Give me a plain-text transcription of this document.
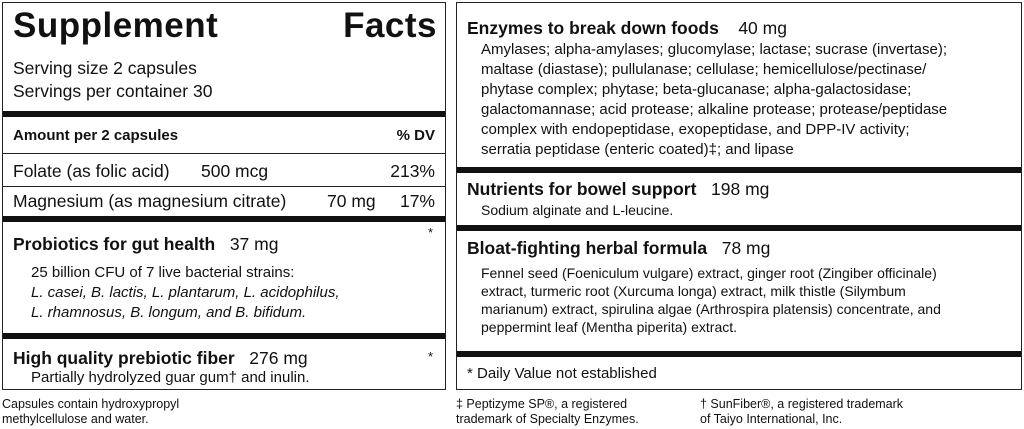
Supplement	Facts
Serving size 2 capsules
Servings per container 30
Amount per 2 capsules	% DV
Folate (as folic acid) 500 mcg	213%
Magnesium (as magnesium citrate) 70 mg 17%
Probiotics for gut health 37 mg
*
25 billion CFU of 7 live bacterial strains:
L. casei, B. lactis, L. plantarum, L. acidophilus,
L. rhamnosus, B. longum, and B. bifidum.
High quality prebiotic fiber 276 mg	*
Partially hydrolyzed guar gum† and inulin.
Enzymes to break down foods 40 mg
Amylases; alpha-amylases; glucomylase; lactase; sucrase (invertase);
maltase (diastase); pullulanase; cellulase; hemicellulose/pectinase/
phytase complex; phytase; beta-glucanase; alpha-galactosidase;
galactomannase; acid protease; alkaline protease; protease/peptidase
complex with endopeptidase, exopeptidase, and DPP-IV activity;
serratia peptidase (enteric coated)‡; and lipase
Nutrients for bowel support 198 mg
Sodium alginate and L-leucine.
Bloat-fighting herbal formula 78 mg
Fennel seed (Foeniculum vulgare) extract, ginger root (Zingiber officinale)
extract, turmeric root (Xurcuma longa) extract, milk thistle (Silymbum
marianum) extract, spirulina algae (Arthrospira platensis) concentrate, and
peppermint leaf (Mentha piperita) extract.
* Daily Value not established
Capsules contain hydroxypropyl
methylcellulose and water.
‡ Peptizyme SP®, a registered
trademark of Specialty Enzymes.
† SunFiber®, a registered trademark
of Taiyo International, Inc.
